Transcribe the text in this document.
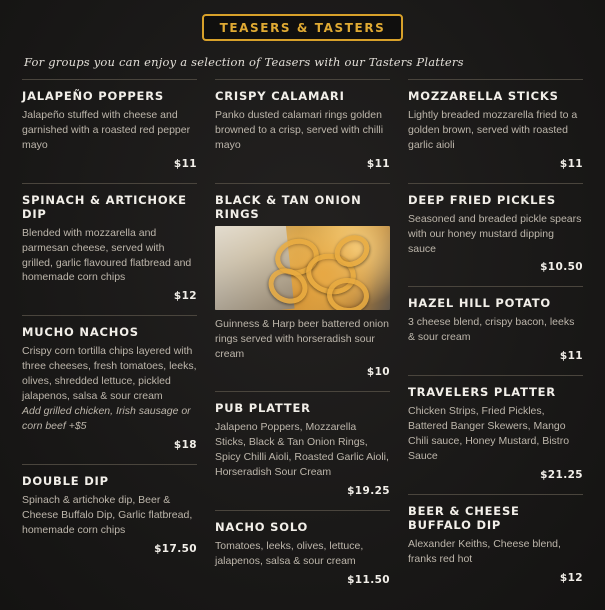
TEASERS & TASTERS

For groups you can enjoy a selection of Teasers with our Tasters Platters

JALAPEÑO POPPERS

Jalapeño stuffed with cheese and garnished with a roasted red pepper mayo

$11
SPINACH & ARTICHOKE DIP

Blended with mozzarella and parmesan cheese, served with grilled, garlic flavoured flatbread and homemade corn chips

$12
MUCHO NACHOS

Crispy corn tortilla chips layered with three cheeses, fresh tomatoes, leeks, olives, shredded lettuce, pickled jalapenos, salsa & sour cream

Add grilled chicken, Irish sausage or corn beef +$5

$18
DOUBLE DIP

Spinach & artichoke dip, Beer & Cheese Buffalo Dip, Garlic flatbread, homemade corn chips

$17.50
CRISPY CALAMARI

Panko dusted calamari rings golden browned to a crisp, served with chilli mayo

$11
BLACK & TAN ONION RINGS

Guinness & Harp beer battered onion rings served with horseradish sour cream

$10
PUB PLATTER

Jalapeno Poppers, Mozzarella Sticks, Black & Tan Onion Rings, Spicy Chilli Aioli, Roasted Garlic Aioli, Horseradish Sour Cream

$19.25
NACHO SOLO

Tomatoes, leeks, olives, lettuce, jalapenos, salsa & sour cream

$11.50
MOZZARELLA STICKS

Lightly breaded mozzarella fried to a golden brown, served with roasted garlic aioli

$11
DEEP FRIED PICKLES

Seasoned and breaded pickle spears with our honey mustard dipping sauce

$10.50
HAZEL HILL POTATO

3 cheese blend, crispy bacon, leeks & sour cream

$11
TRAVELERS PLATTER

Chicken Strips, Fried Pickles, Battered Banger Skewers, Mango Chili sauce, Honey Mustard, Bistro Sauce

$21.25
BEER & CHEESE BUFFALO DIP

Alexander Keiths, Cheese blend, franks red hot

$12
